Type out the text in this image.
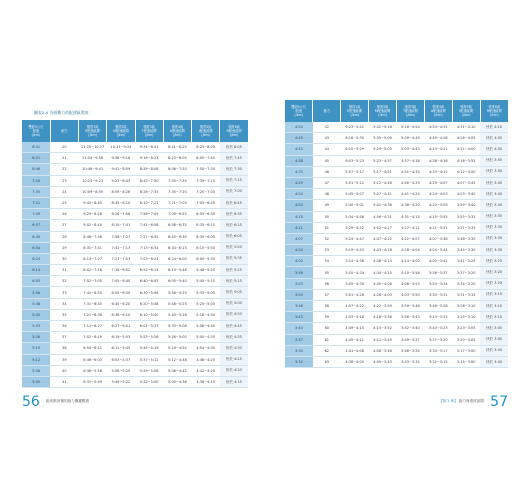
圖表2-4 各級數力的配速區間表：
雙距5公尺
配速
(/km)	跑力	強度1區
E配速區間
(/km)	強度2區
M配速區間
(/km)	強度3區
T配速區間
(/km)	強度4區
A配速區間
(/km)	強度5區
I配速區間
(/km)	強度6區
R配速區間
(/km)
8:41	20	11:25~10:17	10:17~9:34	9:34~8:41	8:41~8:25	8:25~8:05	快於 8:05
8:21	21	11:04~9:58	9:58~9:16	9:16~8:23	8:23~8:05	8:05~7:45	快於 7:45
8:06	22	10:46~9:41	9:41~8:59	8:59~8:06	8:06~7:50	7:50~7:30	快於 7:30
7:50	23	10:25~9:23	9:23~8:43	8:43~7:50	7:50~7:35	7:35~7:15	快於 7:15
7:35	24	10:09~8:59	8:59~8:26	8:26~7:35	7:35~7:20	7:20~7:00	快於 7:00
7:21	25	9:43~8:45	8:45~8:10	8:10~7:21	7:21~7:05	7:05~6:45	快於 6:45
7:09	26	9:29~8:26	8:26~7:56	7:56~7:09	7:09~6:55	6:55~6:35	快於 6:35
6:57	27	9:02~8:10	8:10~7:41	7:41~6:58	6:58~6:35	6:35~6:15	快於 6:15
6:45	28	8:46~7:56	7:56~7:27	7:27~6:45	6:45~6:30	6:30~6:05	快於 6:05
6:34	29	8:31~7:41	7:41~7:13	7:13~6:34	6:34~6:15	6:15~5:50	快於 5:50
6:24	30	8:14~7:27	7:27~7:03	7:03~6:24	6:24~6:00	6:00~5:35	快於 5:35
6:14	31	8:02~7:16	7:16~6:52	6:52~6:14	6:14~5:48	5:48~5:25	快於 5:25
6:05	32	7:52~7:05	7:05~6:40	6:40~6:05	6:05~5:40	5:40~5:15	快於 5:15
5:56	33	7:41~6:55	6:55~6:30	6:30~5:56	5:56~5:33	5:33~5:05	快於 5:05
5:48	34	7:31~6:45	6:45~6:20	6:20~5:48	5:48~5:25	5:25~5:00	快於 5:00
5:40	35	7:21~6:36	6:36~6:10	6:10~5:40	5:40~5:18	5:18~4:50	快於 4:50
5:33	36	7:11~6:27	6:27~6:01	6:01~5:33	5:33~5:08	5:08~4:45	快於 4:45
5:26	37	7:02~6:19	6:19~5:53	5:53~5:26	5:26~5:00	5:00~4:35	快於 4:35
5:19	38	6:54~6:11	6:11~5:45	5:45~5:19	5:19~4:54	4:54~4:30	快於 4:30
5:12	39	6:46~6:03	6:03~5:37	5:37~5:12	5:12~4:48	4:48~4:25	快於 4:25
5:06	40	6:38~5:56	5:56~5:29	5:29~5:06	5:06~4:42	4:42~4:20	快於 4:20
5:00	41	6:31~5:49	5:49~5:22	5:22~5:00	5:00~4:36	4:36~4:15	快於 4:15
雙距5公尺
配速
(/km)	跑力	強度1區
E配速區間
(/km)	強度2區
M配速區間
(/km)	強度3區
T配速區間
(/km)	強度4區
A配速區間
(/km)	強度5區
I配速區間
(/km)	強度6區
R配速區間
(/km)
4:54	42	6:23~5:42	5:42~5:16	5:16~4:54	4:54~4:31	4:31~4:10	快於 4:10
4:49	43	6:16~5:35	5:35~5:09	5:09~4:49	4:49~4:26	4:26~4:05	快於 4:05
4:43	44	6:10~5:29	5:29~5:03	5:03~4:43	4:43~4:21	4:21~4:00	快於 4:00
4:38	45	6:03~5:23	5:23~4:57	4:57~4:38	4:38~4:16	4:16~3:55	快於 3:55
4:33	46	5:57~5:17	5:17~4:51	4:51~4:33	4:33~4:12	4:12~3:50	快於 3:50
4:29	47	5:51~5:12	5:12~4:46	4:46~4:29	4:29~4:07	4:07~3:45	快於 3:45
4:24	48	5:45~5:07	5:07~4:41	4:41~4:24	4:24~4:03	4:03~3:40	快於 3:40
4:20	49	5:40~5:01	5:01~4:36	4:36~4:20	4:20~3:59	3:59~3:40	快於 3:40
4:15	50	5:34~4:56	4:56~4:31	4:31~4:15	4:15~3:55	3:55~3:35	快於 3:35
4:11	51	5:29~4:52	4:52~4:27	4:27~4:11	4:11~3:51	3:51~3:35	快於 3:35
4:07	52	5:24~4:47	4:47~4:22	4:22~4:07	4:07~3:48	3:48~3:30	快於 3:30
4:04	53	5:19~4:43	4:43~4:18	4:18~4:04	4:04~3:44	3:44~3:30	快於 3:30
4:00	54	5:14~4:38	4:38~4:14	4:14~4:00	4:00~3:41	3:41~3:25	快於 3:25
3:56	55	5:10~4:34	4:34~4:10	4:10~3:56	3:56~3:37	3:37~3:20	快於 3:20
3:53	56	5:05~4:30	4:30~4:06	4:06~3:53	3:53~3:34	3:34~3:20	快於 3:20
3:50	57	5:01~4:26	4:26~4:03	4:03~3:50	3:50~3:31	3:31~3:15	快於 3:15
3:46	58	4:57~4:22	4:22~3:59	3:59~3:46	3:46~3:28	3:28~3:10	快於 3:10
3:43	59	4:53~4:18	4:18~3:56	3:56~3:43	3:43~3:25	3:25~3:10	快於 3:10
3:40	60	4:49~4:15	4:15~3:52	3:52~3:40	3:40~3:23	3:23~3:05	快於 3:05
3:37	61	4:45~4:11	4:11~3:49	3:49~3:37	3:37~3:20	3:20~3:05	快於 3:05
3:34	62	4:41~4:08	4:08~3:46	3:46~3:34	3:34~3:17	3:17~3:00	快於 3:00
3:32	63	4:38~4:05	4:05~3:43	3:43~3:32	3:32~3:15	3:15~3:00	快於 3:00
56 跑者都該懂的跑力關鍵數據	【第 2 章】 跑力與強度區間 57
